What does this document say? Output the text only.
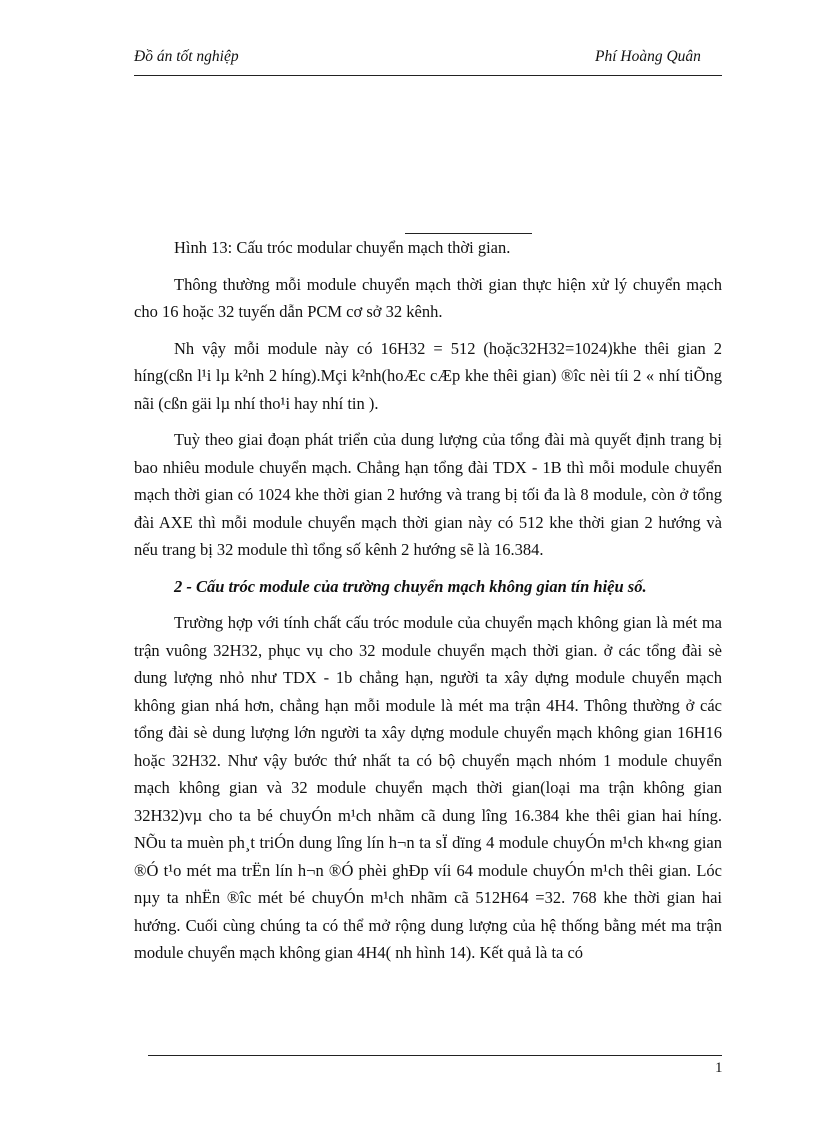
Đồ án tốt nghiệp	Phí Hoàng Quân

Hình 13: Cấu tróc modular chuyển mạch thời gian.

Thông thường mỗi module chuyển mạch thời gian thực hiện xử lý chuyển mạch cho 16 hoặc 32 tuyến dẫn PCM cơ sở 32 kênh.

Nh vậy mỗi module này có 16H32 = 512 (hoặc32H32=1024)khe thêi gian 2 híng(cßn l¹i lµ k²nh 2 híng).Mçi k²nh(hoÆc cÆp khe thêi gian) ®îc nèi tíi 2 « nhí tiÕng nãi (cßn gäi lµ nhí tho¹i hay nhí tin ).

Tuỳ theo giai đoạn phát triển của dung lượng của tổng đài mà quyết định trang bị bao nhiêu module chuyển mạch. Chẳng hạn tổng đài TDX - 1B thì mỗi module chuyển mạch thời gian có 1024 khe thời gian 2 hướng và trang bị tối đa là 8 module, còn ở tổng đài AXE thì mỗi module chuyển mạch thời gian này có 512 khe thời gian 2 hướng và nếu trang bị 32 module thì tổng số kênh 2 hướng sẽ là 16.384.

2 - Cấu tróc module của trường chuyển mạch không gian tín hiệu số.

Trường hợp với tính chất cấu tróc module của chuyển mạch không gian là mét ma trận vuông 32H32, phục vụ cho 32 module chuyển mạch thời gian. ở các tổng đài sè dung lượng nhỏ như TDX - 1b chẳng hạn, người ta xây dựng module chuyển mạch không gian nhá hơn, chẳng hạn mỗi module là mét ma trận 4H4. Thông thường ở các tổng đài sè dung lượng lớn người ta xây dựng module chuyển mạch không gian 16H16 hoặc 32H32. Như vậy bước thứ nhất ta có bộ chuyển mạch nhóm 1 module chuyển mạch không gian và 32 module chuyển mạch thời gian(loại ma trận không gian 32H32)vµ cho ta bé chuyÓn m¹ch nhãm cã dung lîng 16.384 khe thêi gian hai híng. NÕu ta muèn ph¸t triÓn dung lîng lín h¬n ta sÏ dïng 4 module chuyÓn m¹ch kh«ng gian ®Ó t¹o mét ma trËn lín h¬n ®Ó phèi ghÐp víi 64 module chuyÓn m¹ch thêi gian. Lóc nµy ta nhËn ®îc mét bé chuyÓn m¹ch nhãm cã 512H64 =32. 768 khe thời gian hai hướng. Cuối cùng chúng ta có thể mở rộng dung lượng của hệ thống bằng mét ma trận module chuyển mạch không gian 4H4( nh hình 14). Kết quả là ta có

1
